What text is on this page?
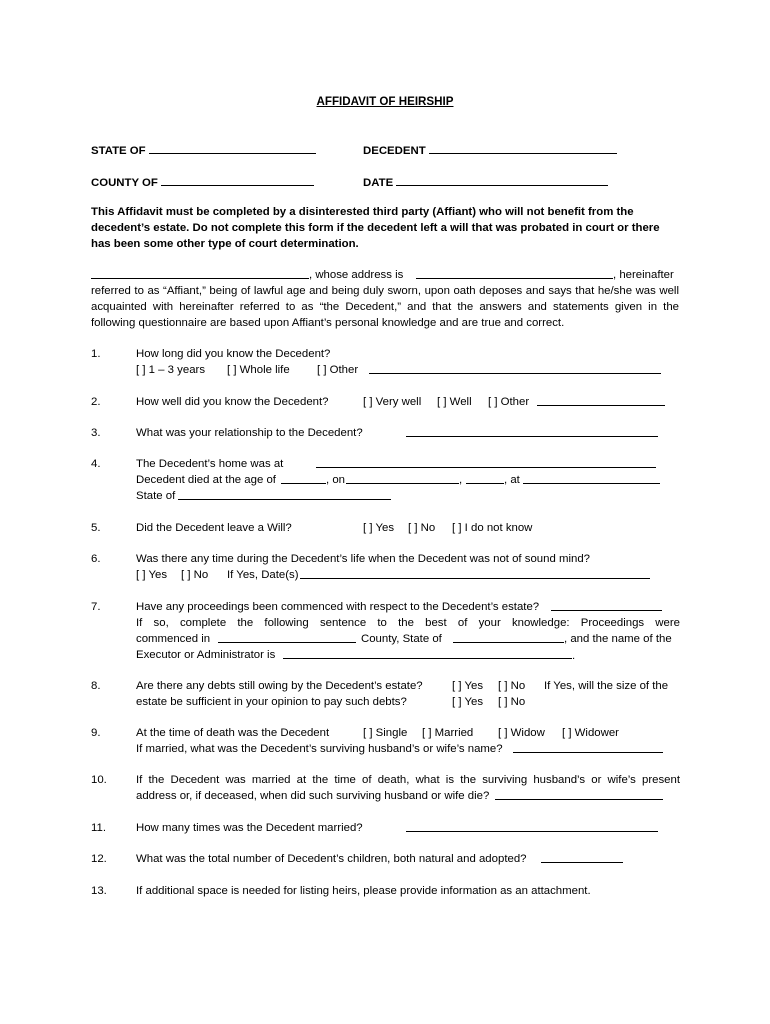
AFFIDAVIT OF HEIRSHIP
STATE OF	DECEDENT
COUNTY OF	DATE
This Affidavit must be completed by a disinterested third party (Affiant) who will not benefit from the decedent’s estate. Do not complete this form if the decedent left a will that was probated in court or there has been some other type of court determination.
, whose address is	, hereinafter
referred to as “Affiant,” being of lawful age and being duly sworn, upon oath deposes and says that he/she was well
acquainted with hereinafter referred to as “the Decedent,” and that the answers and statements given in the
following questionnaire are based upon Affiant’s personal knowledge and are true and correct.
1.	How long did you know the Decedent?
[ ] 1 – 3 years [ ] Whole life [ ] Other
2.	How well did you know the Decedent?	[ ] Very well [ ] Well [ ] Other
3.	What was your relationship to the Decedent?
4.	The Decedent’s home was at
Decedent died at the age of	, on	,	, at
State of
5.	Did the Decedent leave a Will?	[ ] Yes [ ] No [ ] I do not know
6.	Was there any time during the Decedent’s life when the Decedent was not of sound mind?
[ ] Yes [ ] No If Yes, Date(s)
7.	Have any proceedings been commenced with respect to the Decedent’s estate?
If so, complete the following sentence to the best of your knowledge: Proceedings were
commenced in	County, State of	, and the name of the
Executor or Administrator is	.
8.	Are there any debts still owing by the Decedent’s estate?	[ ] Yes [ ] No If Yes, will the size of the
estate be sufficient in your opinion to pay such debts?	[ ] Yes [ ] No
9.	At the time of death was the Decedent	[ ] Single [ ] Married [ ] Widow [ ] Widower
If married, what was the Decedent’s surviving husband’s or wife’s name?
10.	If the Decedent was married at the time of death, what is the surviving husband’s or wife’s present
address or, if deceased, when did such surviving husband or wife die?
11.	How many times was the Decedent married?
12.	What was the total number of Decedent’s children, both natural and adopted?
13.	If additional space is needed for listing heirs, please provide information as an attachment.
